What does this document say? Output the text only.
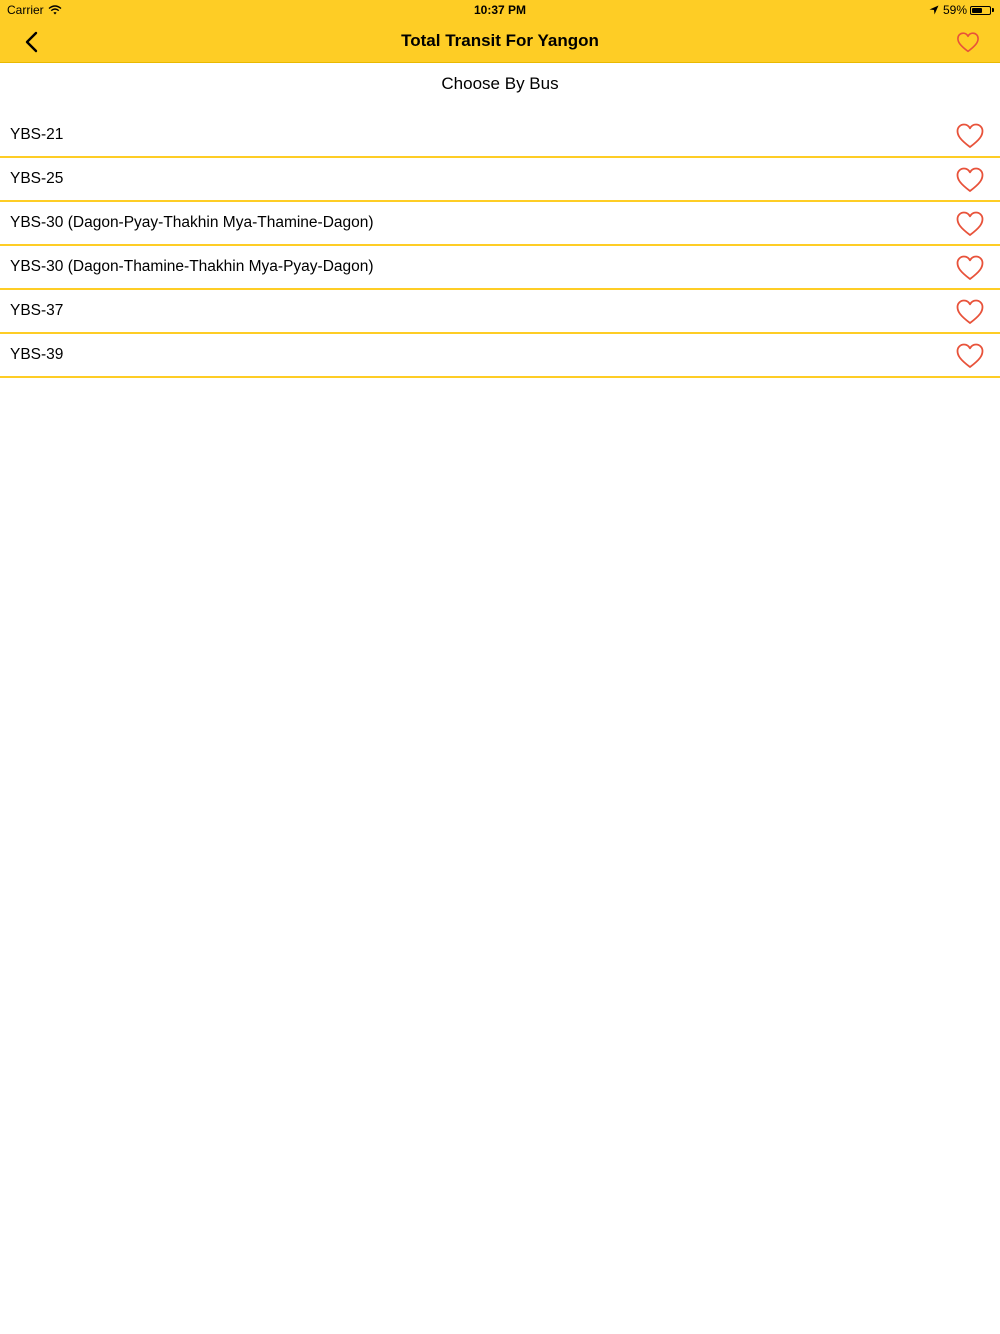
Carrier	10:37 PM	59%
Total Transit For Yangon
Choose By Bus
YBS-21
YBS-25
YBS-30 (Dagon-Pyay-Thakhin Mya-Thamine-Dagon)
YBS-30 (Dagon-Thamine-Thakhin Mya-Pyay-Dagon)
YBS-37
YBS-39
